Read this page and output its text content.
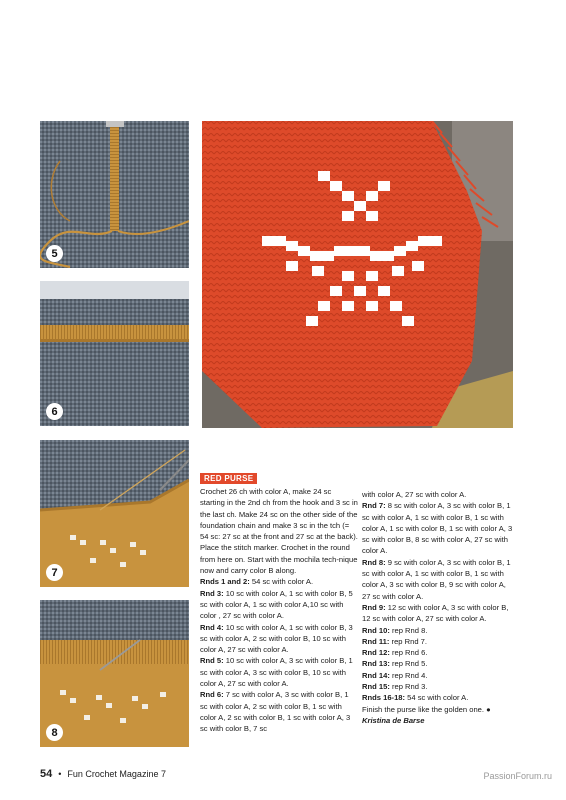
5
6
7
8
RED PURSE

Crochet 26 ch with color A, make 24 sc starting in the 2nd ch from the hook and 3 sc in the last ch. Make 24 sc on the other side of the foundation chain and make 3 sc in the tch (= 54 sc: 27 sc at the front and 27 sc at the back). Place the stitch marker. Crochet in the round from here on. Start with the mochila tech-nique now and carry color B along.

Rnds 1 and 2: 54 sc with color A.

Rnd 3: 10 sc with color A, 1 sc with color B, 5 sc with color A, 1 sc with color A,10 sc with color , 27 sc with color A.

Rnd 4: 10 sc with color A, 1 sc with color B, 3 sc with color A, 2 sc with color B, 10 sc with color A, 27 sc with color A.

Rnd 5: 10 sc with color A, 3 sc with color B, 1 sc with color A, 3 sc with color B, 10 sc with color A, 27 sc with color A.

Rnd 6: 7 sc with color A, 3 sc with color B, 1 sc with color A, 2 sc with color B, 1 sc with color A, 2 sc with color B, 1 sc with color A, 3 sc with color B, 7 sc

with color A, 27 sc with color A.

Rnd 7: 8 sc with color A, 3 sc with color B, 1 sc with color A, 1 sc with color B, 1 sc with color A, 1 sc with color B, 1 sc with color A, 3 sc with color B, 8 sc with color A, 27 sc with color A.

Rnd 8: 9 sc with color A, 3 sc with color B, 1 sc with color A, 1 sc with color B, 1 sc with color A, 3 sc with color B, 9 sc with color A, 27 sc with color A.

Rnd 9: 12 sc with color A, 3 sc with color B, 12 sc with color A, 27 sc with color A.

Rnd 10: rep Rnd 8.

Rnd 11: rep Rnd 7.

Rnd 12: rep Rnd 6.

Rnd 13: rep Rnd 5.

Rnd 14: rep Rnd 4.

Rnd 15: rep Rnd 3.

Rnds 16-18: 54 sc with color A.

Finish the purse like the golden one. ●

Kristina de Barse

54 • Fun Crochet Magazine 7	PassionForum.ru
